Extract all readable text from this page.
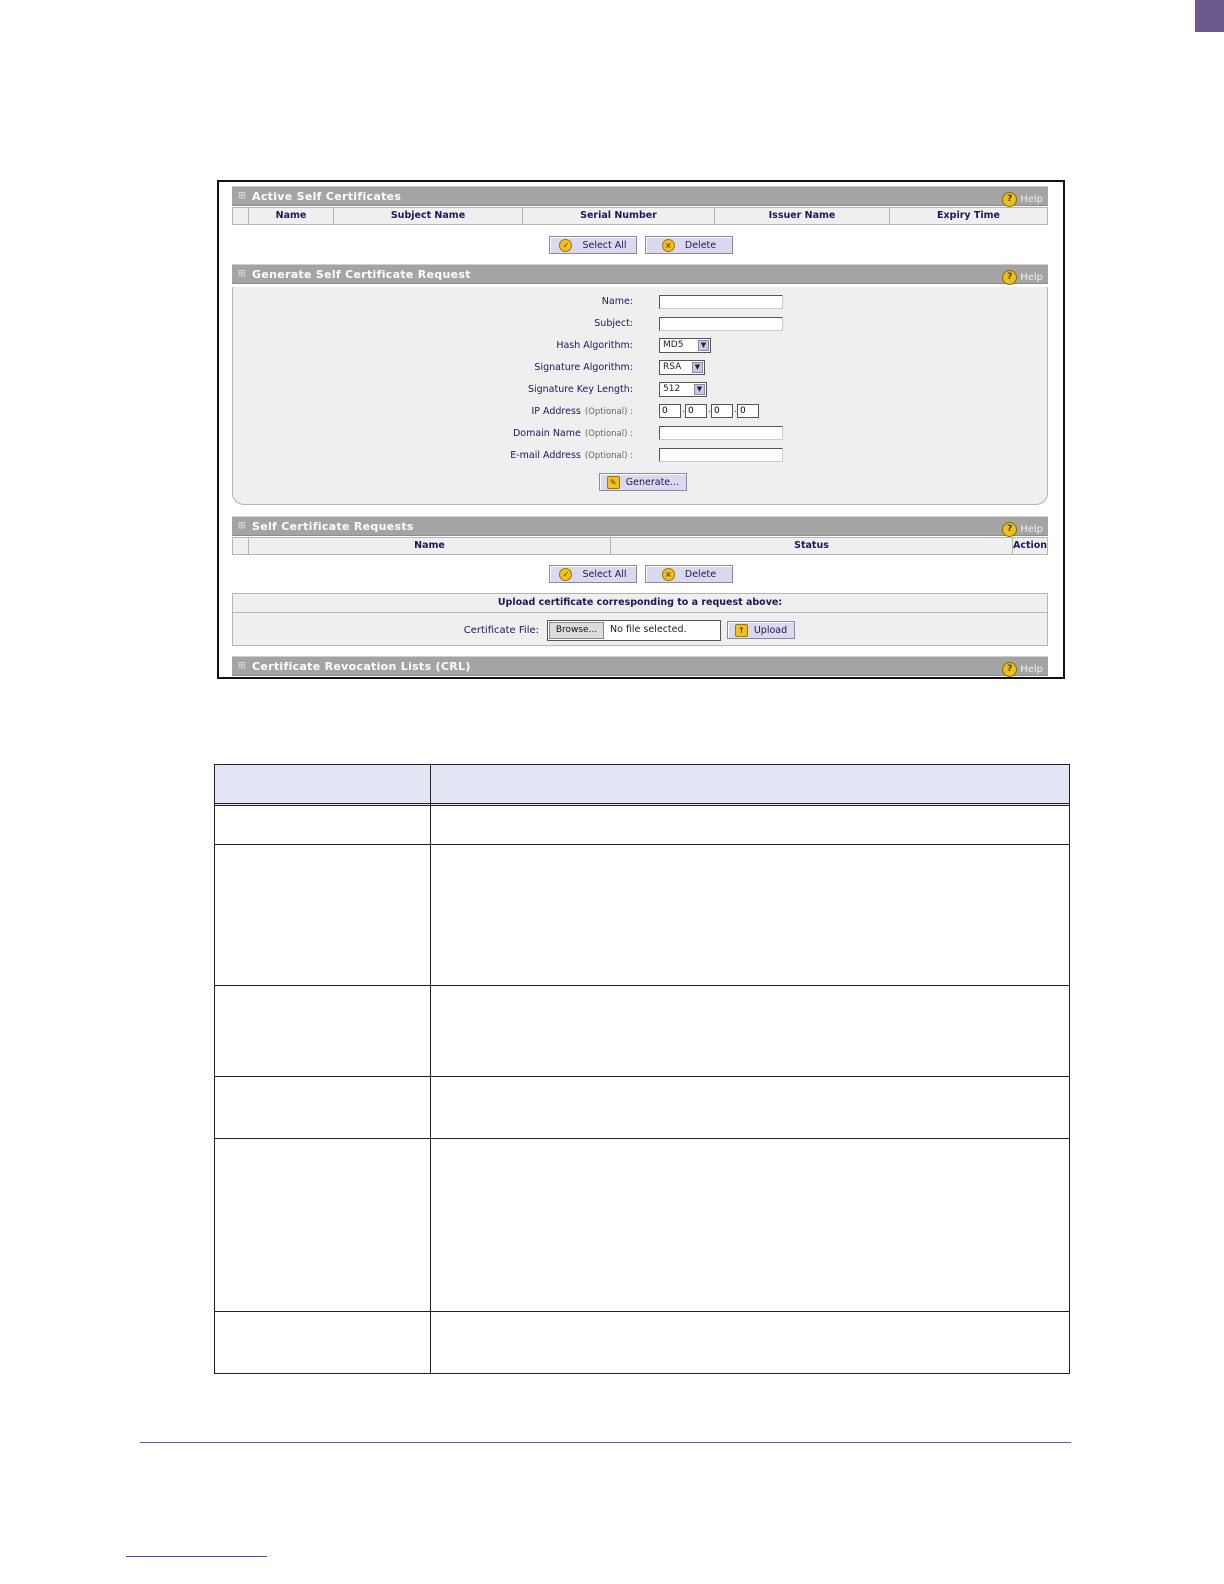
⊞ Active Self Certificates	? Help
Name	Subject Name	Serial Number	Issuer Name	Expiry Time
✓	Select All	×	Delete
⊞ Generate Self Certificate Request	? Help
Name:
Subject:
Hash Algorithm:	MD5	▼
Signature Algorithm:	RSA	▼
Signature Key Length:	512	▼
IP Address (Optional) :	0	. 0	. 0	. 0
Domain Name (Optional) :
E-mail Address (Optional) :
✎ Generate...
⊞ Self Certificate Requests	? Help
Name	Status	Action
✓	Select All	×	Delete
Upload certificate corresponding to a request above:
Certificate File:	Browse...	No file selected.	↑ Upload
⊞ Certificate Revocation Lists (CRL)	? Help
